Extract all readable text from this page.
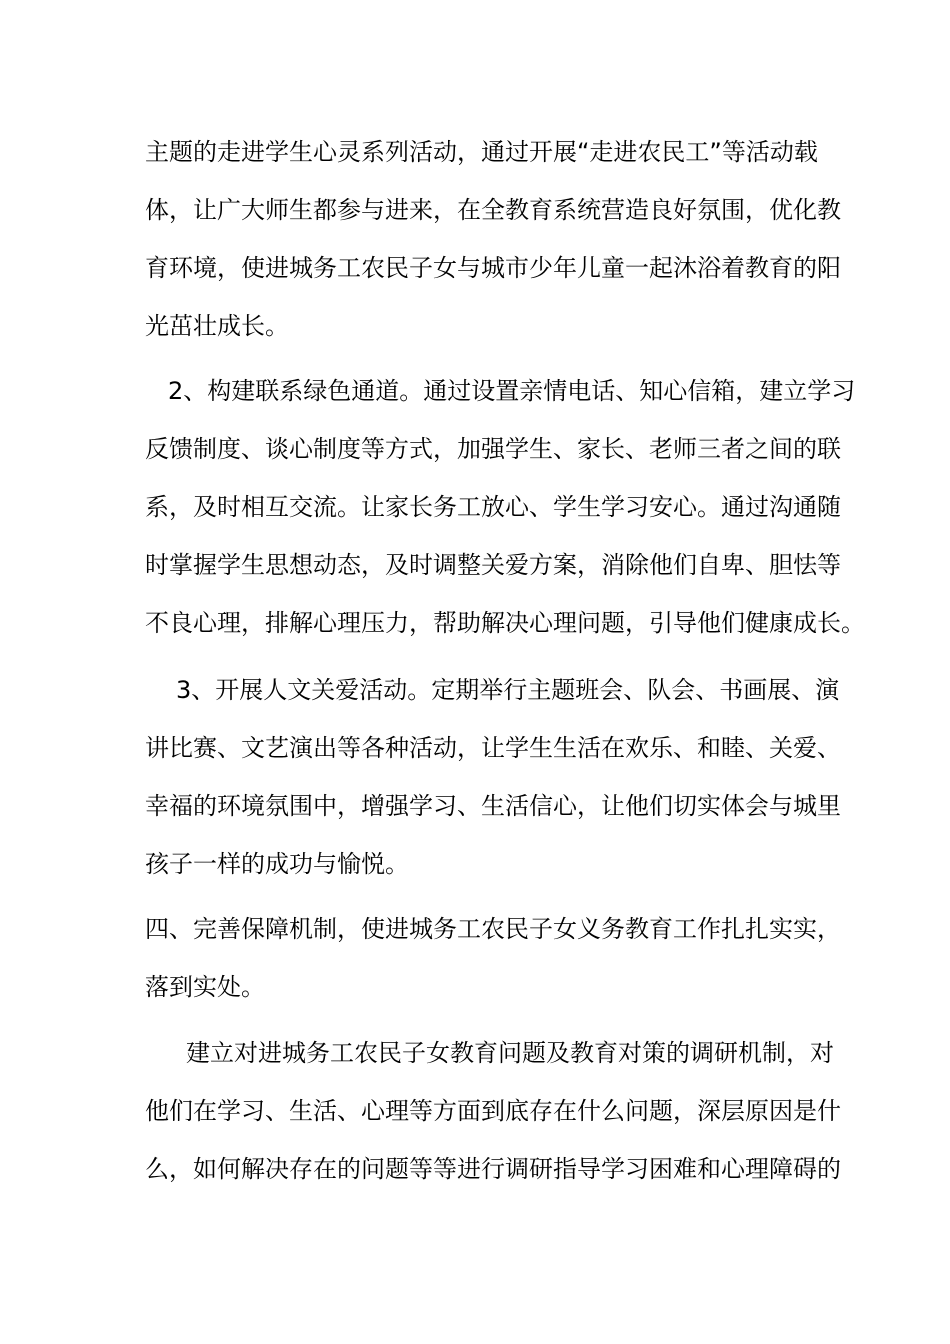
主题的走进学生心灵系列活动，通过开展“走进农民工”等活动载
体，让广大师生都参与进来，在全教育系统营造良好氛围，优化教
育环境，使进城务工农民子女与城市少年儿童一起沐浴着教育的阳
光茁壮成长。
2、构建联系绿色通道。通过设置亲情电话、知心信箱，建立学习
反馈制度、谈心制度等方式，加强学生、家长、老师三者之间的联
系，及时相互交流。让家长务工放心、学生学习安心。通过沟通随
时掌握学生思想动态，及时调整关爱方案，消除他们自卑、胆怯等
不良心理，排解心理压力，帮助解决心理问题，引导他们健康成长。
3、开展人文关爱活动。定期举行主题班会、队会、书画展、演
讲比赛、文艺演出等各种活动，让学生生活在欢乐、和睦、关爱、
幸福的环境氛围中，增强学习、生活信心，让他们切实体会与城里
孩子一样的成功与愉悦。
四、完善保障机制，使进城务工农民子女义务教育工作扎扎实实，
落到实处。
建立对进城务工农民子女教育问题及教育对策的调研机制，对
他们在学习、生活、心理等方面到底存在什么问题，深层原因是什
么，如何解决存在的问题等等进行调研指导学习困难和心理障碍的
